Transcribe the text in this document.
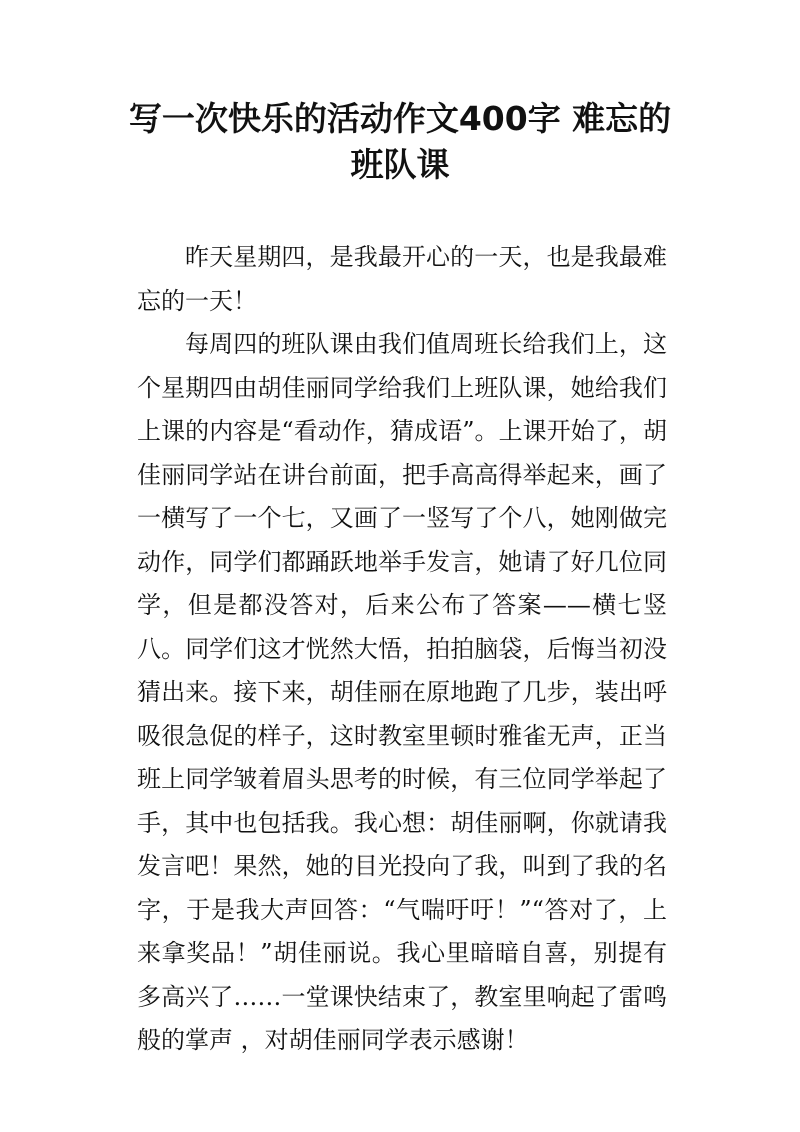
写一次快乐的活动作文400字 难忘的班队课

昨天星期四，是我最开心的一天，也是我最难忘的一天！

每周四的班队课由我们值周班长给我们上，这个星期四由胡佳丽同学给我们上班队课，她给我们上课的内容是“看动作，猜成语”。上课开始了，胡佳丽同学站在讲台前面，把手高高得举起来，画了一横写了一个七，又画了一竖写了个八，她刚做完动作，同学们都踊跃地举手发言，她请了好几位同学，但是都没答对，后来公布了答案——横七竖八。同学们这才恍然大悟，拍拍脑袋，后悔当初没猜出来。接下来，胡佳丽在原地跑了几步，装出呼吸很急促的样子，这时教室里顿时雅雀无声，正当班上同学皱着眉头思考的时候，有三位同学举起了手，其中也包括我。我心想：胡佳丽啊，你就请我发言吧！果然，她的目光投向了我，叫到了我的名字，于是我大声回答：“气喘吁吁！”“答对了，上来拿奖品！”胡佳丽说。我心里暗暗自喜，别提有多高兴了……一堂课快结束了，教室里响起了雷鸣般的掌声 ，对胡佳丽同学表示感谢！
